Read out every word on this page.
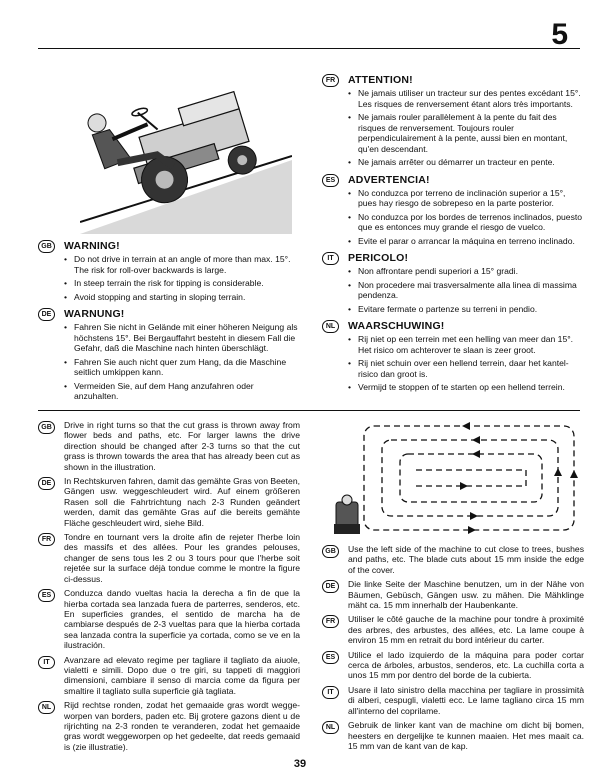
5
GB	WARNING!
• Do not drive in terrain at an angle of more than max. 15°. The risk for roll-over backwards is large.
• In steep terrain the risk for tipping is considerable.
• Avoid stopping and starting in sloping terrain.
DE	WARNUNG!
• Fahren Sie nicht in Gelände mit einer höheren Neigung als höchstens 15°. Bei Bergauffahrt besteht in diesem Fall die Gefahr, daß die Maschine nach hinten überschlägt.
• Fahren Sie auch nicht quer zum Hang, da die Maschine seitlich umkippen kann.
• Vermeiden Sie, auf dem Hang anzufahren oder anzuhalten.
FR	ATTENTION!
• Ne jamais utiliser un tracteur sur des pentes excédant 15°. Les risques de renversement étant alors très importants.
• Ne jamais rouler parallèlement à la pente du fait des risques de renversement. Toujours rouler perpendiculairement à la pente, aussi bien en montant, qu'en descendant.
• Ne jamais arrêter ou démarrer un tracteur en pente.
ES	ADVERTENCIA!
• No conduzca por terreno de inclinación superior a 15°, pues hay riesgo de sobrepeso en la parte posterior.
• No conduzca por los bordes de terrenos inclinados, puesto que es entonces muy grande el riesgo de vuelco.
• Evite el parar o arrancar la máquina en terreno inclinado.
IT	PERICOLO!
• Non affrontare pendi superiori a 15° gradi.
• Non procedere mai trasversalmente alla linea di massima pendenza.
• Evitare fermate o partenze su terreni in pendio.
NL	WAARSCHUWING!
• Rij niet op een terrein met een helling van meer dan 15°. Het risico om achterover te slaan is zeer groot.
• Rij niet schuin over een hellend terrein, daar het kantel-risico dan groot is.
• Vermijd te stoppen of te starten op een hellend terrein.
GB	Drive in right turns so that the cut grass is thrown away from flower beds and paths, etc. For larger lawns the drive direction should be changed after 2-3 turns so that the cut grass is thrown towards the area that has already been cut as shown in the illustration.
DE	In Rechtskurven fahren, damit das gemähte Gras von Beeten, Gängen usw. weggeschleudert wird. Auf einem größeren Rasen soll die Fahrtrichtung nach 2-3 Runden geändert werden, damit das gemähte Gras auf die bereits gemähte Fläche geschleudert wird, siehe Bild.
FR	Tondre en tournant vers la droite afin de rejeter l'herbe loin des massifs et des allées. Pour les grandes pelouses, changer de sens tous les 2 ou 3 tours pour que l'herbe soit rejetée sur la surface déjà tondue comme le montre la figure ci-dessus.
ES	Conduzca dando vueltas hacia la derecha a fin de que la hierba cortada sea lanzada fuera de parterres, senderos, etc. En superficies grandes, el sentido de marcha ha de cambiarse después de 2-3 vueltas para que la hierba cortada sea lanzada contra la superficie ya cortada, como se ve en la ilustración.
IT	Avanzare ad elevato regime per tagliare il tagliato da aiuole, vialetti e simili. Dopo due o tre giri, su tappeti di maggiori dimensioni, cambiare il senso di marcia come da figura per smaltire il tagliato sulla superficie già tagliata.
NL	Rijd rechtse ronden, zodat het gemaaide gras wordt wegge-worpen van borders, paden etc. Bij grotere gazons dient u de rijrichting na 2-3 ronden te veranderen, zodat het gemaaide gras wordt weggeworpen op het gedeelte, dat reeds gemaaid is (zie illustratie).
GB	Use the left side of the machine to cut close to trees, bushes and paths, etc. The blade cuts about 15 mm inside the edge of the cover.
DE	Die linke Seite der Maschine benutzen, um in der Nähe von Bäumen, Gebüsch, Gängen usw. zu mähen. Die Mähklinge mäht ca. 15 mm innerhalb der Haubenkante.
FR	Utiliser le côté gauche de la machine pour tondre à proximité des arbres, des arbustes, des allées, etc. La lame coupe à environ 15 mm en retrait du bord intérieur du carter.
ES	Utilice el lado izquierdo de la máquina para poder cortar cerca de árboles, arbustos, senderos, etc. La cuchilla corta a unos 15 mm por dentro del borde de la cubierta.
IT	Usare il lato sinistro della macchina per tagliare in prossimità di alberi, cespugli, vialetti ecc. Le lame tagliano circa 15 mm all'interno del coprilame.
NL	Gebruik de linker kant van de machine om dicht bij bomen, heesters en dergelijke te kunnen maaien. Het mes maait ca. 15 mm van de kant van de kap.
39
